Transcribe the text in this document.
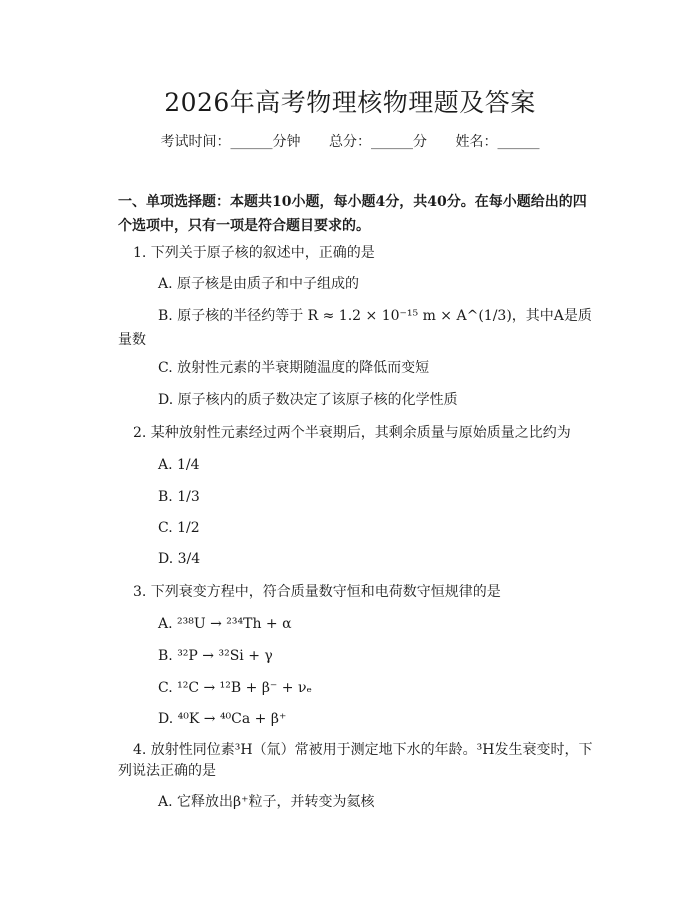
2026年高考物理核物理题及答案
考试时间：______分钟 总分：______分 姓名：______

一、单项选择题：本题共10小题，每小题4分，共40分。在每小题给出的四个选项中，只有一项是符合题目要求的。

1. 下列关于原子核的叙述中，正确的是

A. 原子核是由质子和中子组成的

B. 原子核的半径约等于 R ≈ 1.2 × 10⁻¹⁵ m × A^(1/3)，其中A是质量数

C. 放射性元素的半衰期随温度的降低而变短

D. 原子核内的质子数决定了该原子核的化学性质

2. 某种放射性元素经过两个半衰期后，其剩余质量与原始质量之比约为

A. 1/4

B. 1/3

C. 1/2

D. 3/4

3. 下列衰变方程中，符合质量数守恒和电荷数守恒规律的是

A. ²³⁸U → ²³⁴Th + α

B. ³²P → ³²Si + γ

C. ¹²C → ¹²B + β⁻ + νₑ

D. ⁴⁰K → ⁴⁰Ca + β⁺

4. 放射性同位素³H（氚）常被用于测定地下水的年龄。³H发生衰变时，下列说法正确的是

A. 它释放出β⁺粒子，并转变为氦核
